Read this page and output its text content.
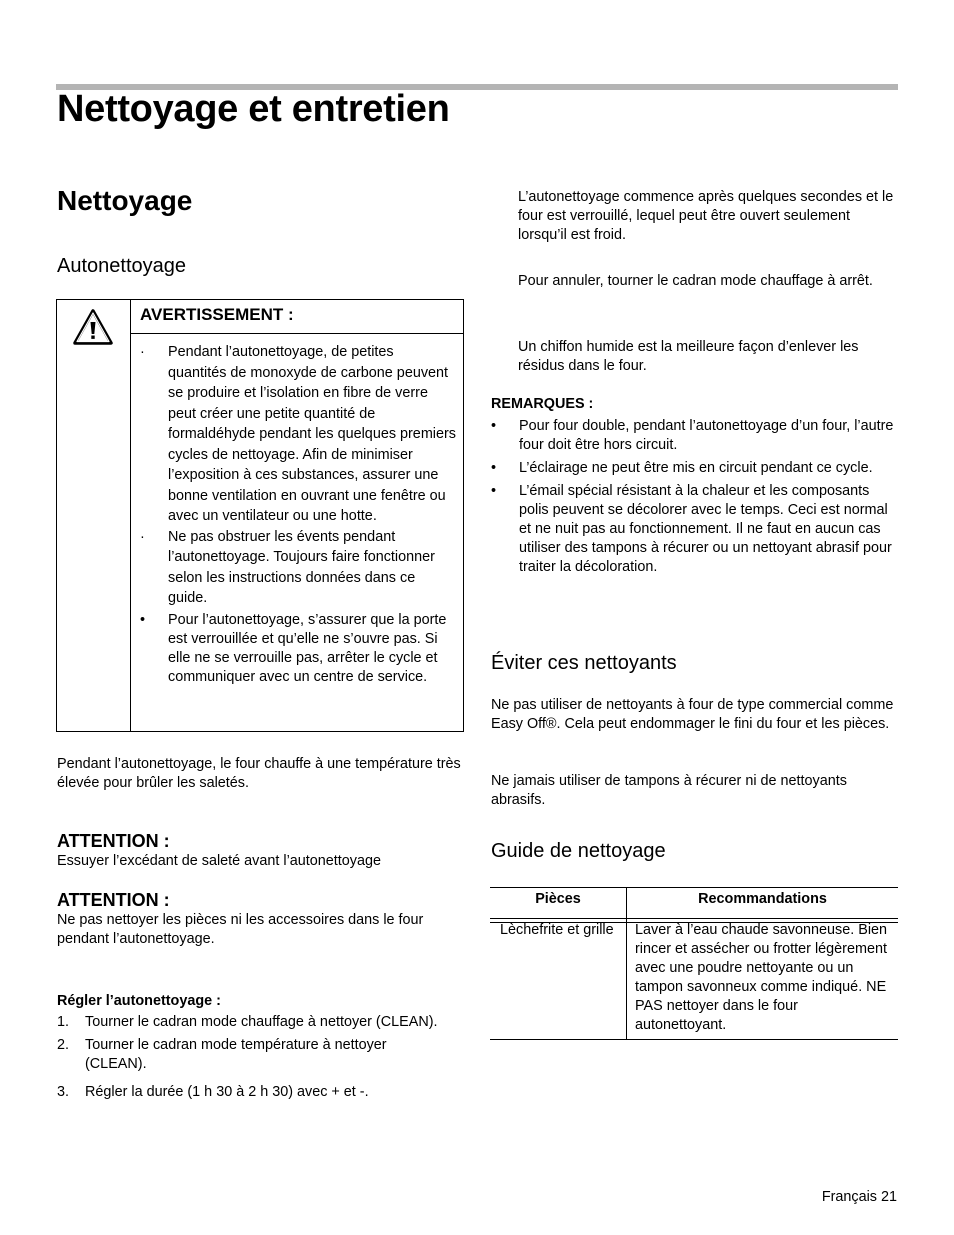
Nettoyage et entretien
Nettoyage
Autonettoyage
AVERTISSEMENT :
· Pendant l’autonettoyage, de petites quantités de monoxyde de carbone peuvent se produire et l’isolation en fibre de verre peut créer une petite quantité de formaldéhyde pendant les quelques premiers cycles de nettoyage. Afin de minimiser l’exposition à ces substances, assurer une bonne ventilation en ouvrant une fenêtre ou avec un ventilateur ou une hotte.
· Ne pas obstruer les évents pendant l’autonettoyage. Toujours faire fonctionner selon les instructions données dans ce guide.
• Pour l’autonettoyage, s’assurer que la porte est verrouillée et qu’elle ne s’ouvre pas. Si elle ne se verrouille pas, arrêter le cycle et communiquer avec un centre de service.

Pendant l’autonettoyage, le four chauffe à une température très élevée pour brûler les saletés.

ATTENTION :

Essuyer l’excédant de saleté avant l’autonettoyage

ATTENTION :

Ne pas nettoyer les pièces ni les accessoires dans le four pendant l’autonettoyage.

Régler l’autonettoyage :

1. Tourner le cadran mode chauffage à nettoyer (CLEAN).
2. Tourner le cadran mode température à nettoyer (CLEAN).
3. Régler la durée (1 h 30 à 2 h 30) avec + et -.

L’autonettoyage commence après quelques secondes et le four est verrouillé, lequel peut être ouvert seulement lorsqu’il est froid.

Pour annuler, tourner le cadran mode chauffage à arrêt.

Un chiffon humide est la meilleure façon d’enlever les résidus dans le four.

REMARQUES :

• Pour four double, pendant l’autonettoyage d’un four, l’autre four doit être hors circuit.
• L’éclairage ne peut être mis en circuit pendant ce cycle.
• L’émail spécial résistant à la chaleur et les composants polis peuvent se décolorer avec le temps. Ceci est normal et ne nuit pas au fonctionnement. Il ne faut en aucun cas utiliser des tampons à récurer ou un nettoyant abrasif pour traiter la décoloration.
Éviter ces nettoyants

Ne pas utiliser de nettoyants à four de type commercial comme Easy Off®. Cela peut endommager le fini du four et les pièces.

Ne jamais utiliser de tampons à récurer ni de nettoyants abrasifs.

Guide de nettoyage
Pièces	Recommandations
Lèchefrite et grille	Laver à l’eau chaude savonneuse. Bien rincer et assécher ou frotter légèrement avec une poudre nettoyante ou un tampon savonneux comme indiqué. NE PAS nettoyer dans le four autonettoyant.
Français 21
